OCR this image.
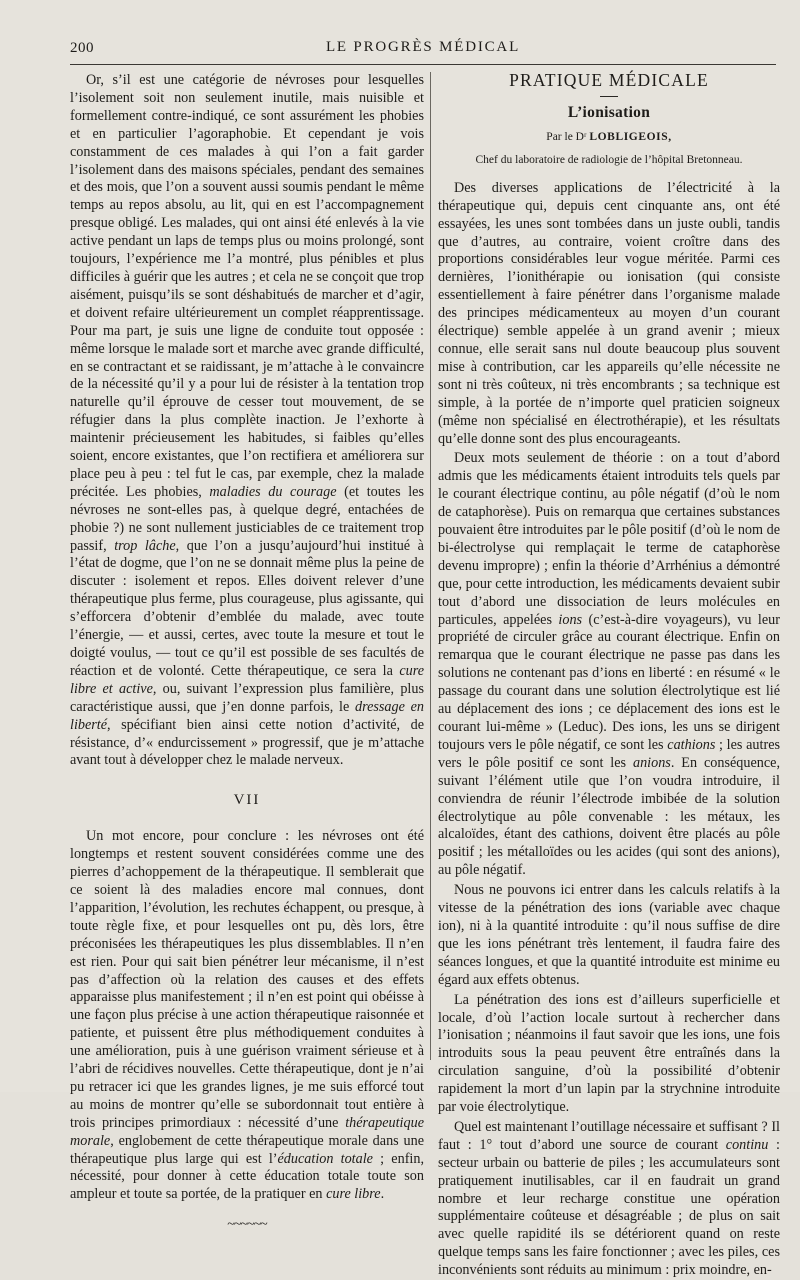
200	LE PROGRÈS MÉDICAL

Or, s’il est une catégorie de névroses pour lesquelles l’isolement soit non seulement inutile, mais nuisible et formellement contre-indiqué, ce sont assurément les phobies et en particulier l’agoraphobie. Et cependant je vois constamment de ces malades à qui l’on a fait garder l’isolement dans des maisons spéciales, pendant des semaines et des mois, que l’on a souvent aussi soumis pendant le même temps au repos absolu, au lit, qui en est l’accompagnement presque obligé. Les malades, qui ont ainsi été enlevés à la vie active pendant un laps de temps plus ou moins prolongé, sont toujours, l’expérience me l’a montré, plus pénibles et plus difficiles à guérir que les autres ; et cela ne se conçoit que trop aisément, puisqu’ils se sont déshabitués de marcher et d’agir, et doivent refaire ultérieurement un complet réapprentissage. Pour ma part, je suis une ligne de conduite tout opposée : même lorsque le malade sort et marche avec grande difficulté, en se contractant et se raidissant, je m’attache à le convaincre de la nécessité qu’il y a pour lui de résister à la tentation trop naturelle qu’il éprouve de cesser tout mouvement, de se réfugier dans la plus complète inaction. Je l’exhorte à maintenir précieusement les habitudes, si faibles qu’elles soient, encore existantes, que l’on rectifiera et améliorera sur place peu à peu : tel fut le cas, par exemple, chez la malade précitée. Les phobies, maladies du courage (et toutes les névroses ne sont-elles pas, à quelque degré, entachées de phobie ?) ne sont nullement justiciables de ce traitement trop passif, trop lâche, que l’on a jusqu’aujourd’hui institué à l’état de dogme, que l’on ne se donnait même plus la peine de discuter : isolement et repos. Elles doivent relever d’une thérapeutique plus ferme, plus courageuse, plus agissante, qui s’efforcera d’obtenir d’emblée du malade, avec toute l’énergie, — et aussi, certes, avec toute la mesure et tout le doigté voulus, — tout ce qu’il est possible de ses facultés de réaction et de volonté. Cette thérapeutique, ce sera la cure libre et active, ou, suivant l’expression plus familière, plus caractéristique aussi, que j’en donne parfois, le dressage en liberté, spécifiant bien ainsi cette notion d’activité, de résistance, d’« endurcissement » progressif, que je m’attache avant tout à développer chez le malade nerveux.

VII

Un mot encore, pour conclure : les névroses ont été longtemps et restent souvent considérées comme une des pierres d’achoppement de la thérapeutique. Il semblerait que ce soient là des maladies encore mal connues, dont l’apparition, l’évolution, les rechutes échappent, ou presque, à toute règle fixe, et pour lesquelles ont pu, dès lors, être préconisées les thérapeutiques les plus dissemblables. Il n’en est rien. Pour qui sait bien pénétrer leur mécanisme, il n’est pas d’affection où la relation des causes et des effets apparaisse plus manifestement ; il n’en est point qui obéisse à une façon plus précise à une action thérapeutique raisonnée et patiente, et puissent être plus méthodiquement conduites à une amélioration, puis à une guérison vraiment sérieuse et à l’abri de récidives nouvelles. Cette thérapeutique, dont je n’ai pu retracer ici que les grandes lignes, je me suis efforcé tout au moins de montrer qu’elle se subordonnait tout entière à trois principes primordiaux : nécessité d’une thérapeutique morale, englobement de cette thérapeutique morale dans une thérapeutique plus large qui est l’éducation totale ; enfin, nécessité, pour donner à cette éducation totale toute son ampleur et toute sa portée, de la pratiquer en cure libre.

~~~~~~
PRATIQUE MÉDICALE
L’ionisation
Par le Dʳ LOBLIGEOIS,
Chef du laboratoire de radiologie de l’hôpital Bretonneau.

Des diverses applications de l’électricité à la thérapeutique qui, depuis cent cinquante ans, ont été essayées, les unes sont tombées dans un juste oubli, tandis que d’autres, au contraire, voient croître dans des proportions considérables leur vogue méritée. Parmi ces dernières, l’ionithérapie ou ionisation (qui consiste essentiellement à faire pénétrer dans l’organisme malade des principes médicamenteux au moyen d’un courant électrique) semble appelée à un grand avenir ; mieux connue, elle serait sans nul doute beaucoup plus souvent mise à contribution, car les appareils qu’elle nécessite ne sont ni très coûteux, ni très encombrants ; sa technique est simple, à la portée de n’importe quel praticien soigneux (même non spécialisé en électrothérapie), et les résultats qu’elle donne sont des plus encourageants.

Deux mots seulement de théorie : on a tout d’abord admis que les médicaments étaient introduits tels quels par le courant électrique continu, au pôle négatif (d’où le nom de cataphorèse). Puis on remarqua que certaines substances pouvaient être introduites par le pôle positif (d’où le nom de bi-électrolyse qui remplaçait le terme de cataphorèse devenu impropre) ; enfin la théorie d’Arrhénius a démontré que, pour cette introduction, les médicaments devaient subir tout d’abord une dissociation de leurs molécules en particules, appelées ions (c’est-à-dire voyageurs), vu leur propriété de circuler grâce au courant électrique. Enfin on remarqua que le courant électrique ne passe pas dans les solutions ne contenant pas d’ions en liberté : en résumé « le passage du courant dans une solution électrolytique est lié au déplacement des ions ; ce déplacement des ions est le courant lui-même » (Leduc). Des ions, les uns se dirigent toujours vers le pôle négatif, ce sont les cathions ; les autres vers le pôle positif ce sont les anions. En conséquence, suivant l’élément utile que l’on voudra introduire, il conviendra de réunir l’électrode imbibée de la solution électrolytique au pôle convenable : les métaux, les alcaloïdes, étant des cathions, doivent être placés au pôle positif ; les métalloïdes ou les acides (qui sont des anions), au pôle négatif.

Nous ne pouvons ici entrer dans les calculs relatifs à la vitesse de la pénétration des ions (variable avec chaque ion), ni à la quantité introduite : qu’il nous suffise de dire que les ions pénétrant très lentement, il faudra faire des séances longues, et que la quantité introduite est minime eu égard aux effets obtenus.

La pénétration des ions est d’ailleurs superficielle et locale, d’où l’action locale surtout à rechercher dans l’ionisation ; néanmoins il faut savoir que les ions, une fois introduits sous la peau peuvent être entraînés dans la circulation sanguine, d’où la possibilité d’obtenir rapidement la mort d’un lapin par la strychnine introduite par voie électrolytique.

Quel est maintenant l’outillage nécessaire et suffisant ? Il faut : 1° tout d’abord une source de courant continu : secteur urbain ou batterie de piles ; les accumulateurs sont pratiquement inutilisables, car il en faudrait un grand nombre et leur recharge constitue une opération supplémentaire coûteuse et désagréable ; de plus on sait avec quelle rapidité ils se détériorent quand on reste quelque temps sans les faire fonctionner ; avec les piles, ces inconvénients sont réduits au minimum : prix moindre, en-
